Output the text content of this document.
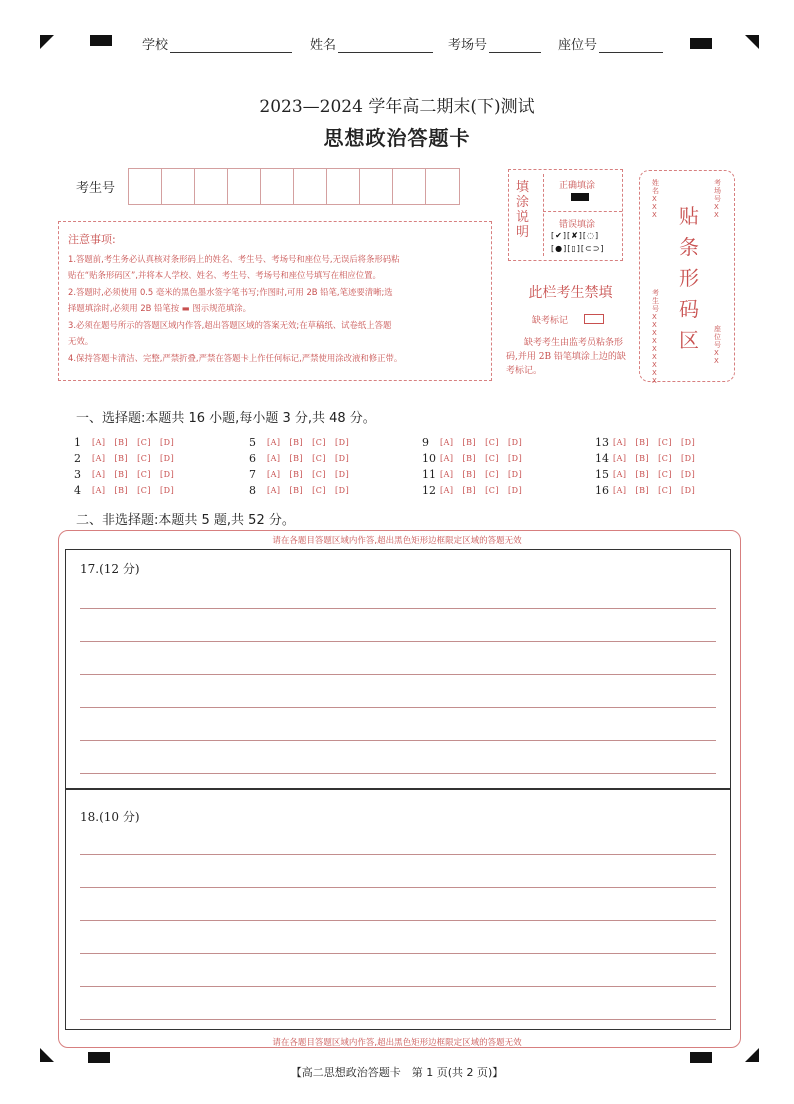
学校	姓名	考场号	座位号
2023—2024 学年高二期末(下)测试
思想政治答题卡
考生号
注意事项:
1.答题前,考生务必认真核对条形码上的姓名、考生号、考场号和座位号,无误后将条形码粘
贴在“贴条形码区”,并将本人学校、姓名、考生号、考场号和座位号填写在相应位置。
2.答题时,必须使用 0.5 毫米的黑色墨水签字笔书写;作图时,可用 2B 铅笔,笔迹要清晰;选
择题填涂时,必须用 2B 铅笔按 ▬ 图示规范填涂。
3.必须在题号所示的答题区域内作答,超出答题区域的答案无效;在草稿纸、试卷纸上答题
无效。
4.保持答题卡清洁、完整,严禁折叠,严禁在答题卡上作任何标记,严禁使用涂改液和修正带。
填涂说明
正确填涂
错误填涂
[✔][✘][◌]
[●][▯][⊂⊃]
此栏考生禁填
缺考标记
缺考考生由监考员粘条形码,并用 2B 铅笔填涂上边的缺考标记。
贴条形码区
姓名XXX
考生号XXXXXXXXX
考场号XX
座位号XX
一、选择题:本题共 16 小题,每小题 3 分,共 48 分。
1	[A] [B] [C] [D]
2	[A] [B] [C] [D]
3	[A] [B] [C] [D]
4	[A] [B] [C] [D]
5	[A] [B] [C] [D]
6	[A] [B] [C] [D]
7	[A] [B] [C] [D]
8	[A] [B] [C] [D]
9	[A] [B] [C] [D]
10 [A] [B] [C] [D]
11 [A] [B] [C] [D]
12 [A] [B] [C] [D]
13 [A] [B] [C] [D]
14 [A] [B] [C] [D]
15 [A] [B] [C] [D]
16 [A] [B] [C] [D]
二、非选择题:本题共 5 题,共 52 分。
请在各题目答题区域内作答,超出黑色矩形边框限定区域的答题无效
17.(12 分)
18.(10 分)
请在各题目答题区域内作答,超出黑色矩形边框限定区域的答题无效
【高二思想政治答题卡　第 1 页(共 2 页)】
